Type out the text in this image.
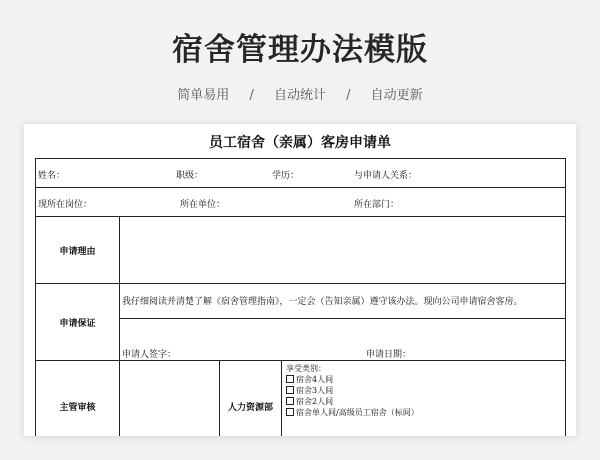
宿舍管理办法模版
简单易用 / 自动统计 / 自动更新
员工宿舍（亲属）客房申请单
姓名： 职级： 学历： 与申请人关系：			

现所在岗位： 所在单位： 所在部门：			

申请理由			
申请保证	我仔细阅读并清楚了解《宿舍管理指南》，一定会（告知亲属）遵守该办法。现向公司申请宿舍客房。
申请人签字： 申请日期：		

主管审核		人力资源部	享受类别：
宿舍4人间
宿舍3人间
宿舍2人间
宿舍单人间/高级员工宿舍（标间）
